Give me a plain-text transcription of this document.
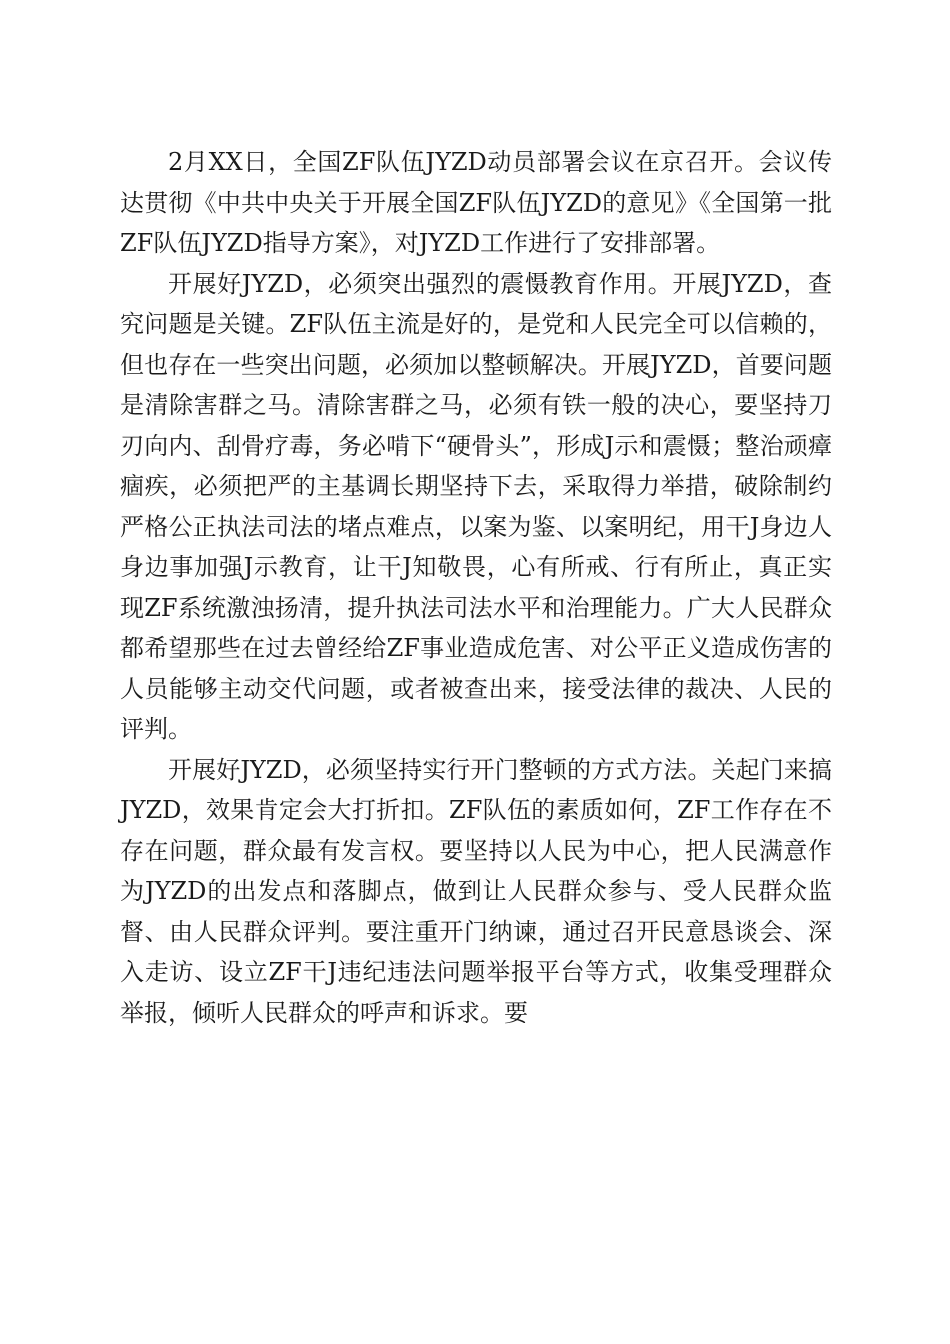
2月XX日，全国ZF队伍JYZD动员部署会议在京召开。会议传达贯彻《中共中央关于开展全国ZF队伍JYZD的意见》《全国第一批ZF队伍JYZD指导方案》，对JYZD工作进行了安排部署。

开展好JYZD，必须突出强烈的震慑教育作用。开展JYZD，查究问题是关键。ZF队伍主流是好的，是党和人民完全可以信赖的，但也存在一些突出问题，必须加以整顿解决。开展JYZD，首要问题是清除害群之马。清除害群之马，必须有铁一般的决心，要坚持刀刃向内、刮骨疗毒，务必啃下“硬骨头”，形成J示和震慑；整治顽瘴痼疾，必须把严的主基调长期坚持下去，采取得力举措，破除制约严格公正执法司法的堵点难点，以案为鉴、以案明纪，用干J身边人身边事加强J示教育，让干J知敬畏，心有所戒、行有所止，真正实现ZF系统激浊扬清，提升执法司法水平和治理能力。广大人民群众都希望那些在过去曾经给ZF事业造成危害、对公平正义造成伤害的人员能够主动交代问题，或者被查出来，接受法律的裁决、人民的评判。

开展好JYZD，必须坚持实行开门整顿的方式方法。关起门来搞JYZD，效果肯定会大打折扣。ZF队伍的素质如何，ZF工作存在不存在问题，群众最有发言权。要坚持以人民为中心，把人民满意作为JYZD的出发点和落脚点，做到让人民群众参与、受人民群众监督、由人民群众评判。要注重开门纳谏，通过召开民意恳谈会、深入走访、设立ZF干J违纪违法问题举报平台等方式，收集受理群众举报，倾听人民群众的呼声和诉求。要
